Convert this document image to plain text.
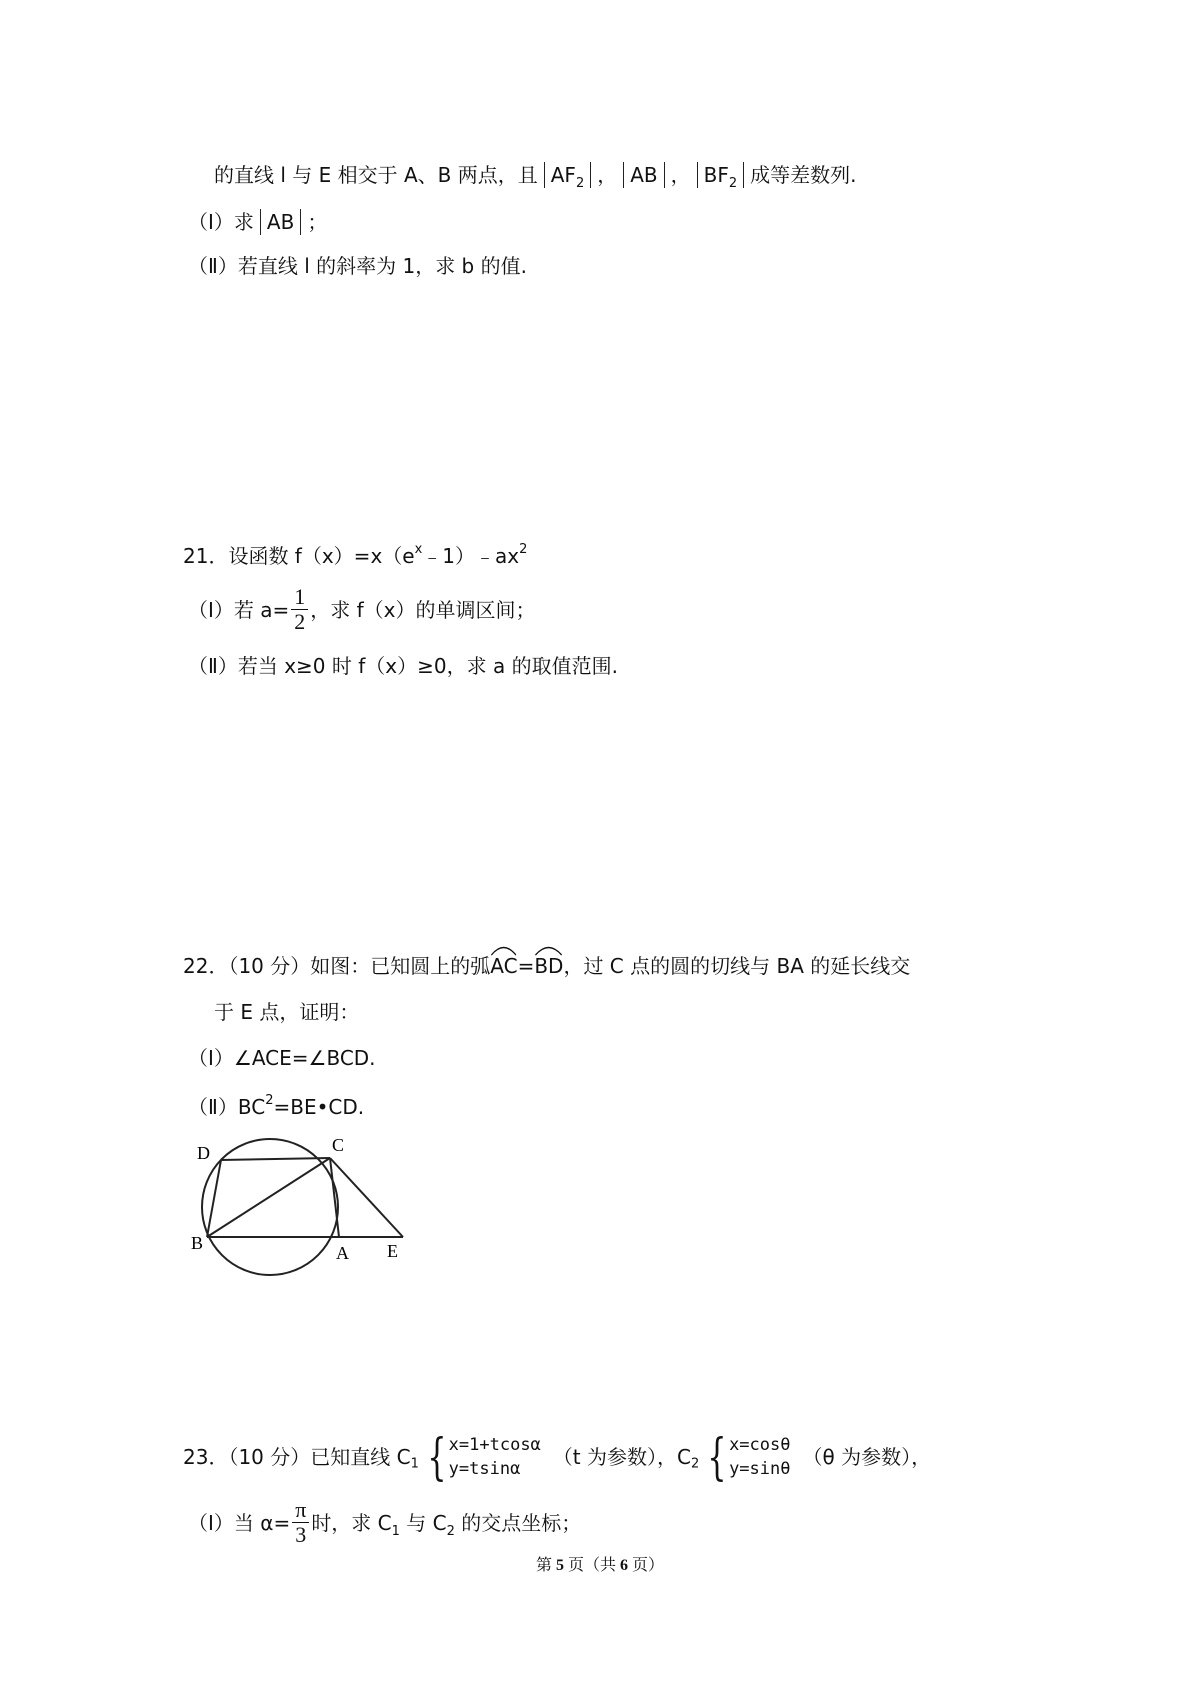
的直线 l 与 E 相交于 A、B 两点，且 $AF_2$ ， AB ， $BF_2$ 成等差数列.
（Ⅰ）求 AB ；
（Ⅱ）若直线 l 的斜率为 1，求 b 的值.
21．设函数 $f(x)=x(e^x﹣1)﹣ax^2$
（Ⅰ）若 $a= \frac{1}{2}$ ，求 f（x）的单调区间；
（Ⅱ）若当 x≥0 时 f（x）≥0，求 a 的取值范围.
22．（10 分）如图：已知圆上的弧
AC=
BD，过 C 点的圆的切线与 BA 的延长线交
于 E 点，证明：
（Ⅰ）∠ACE=∠BCD.
$(Ⅱ)BC^2=BE•CD$.
D	C
B	A E
23．（10 分）已知直线 $C_1$ { x=1+tcosα
y=tsinα	（t 为参数），$C_2$ { x=cosθ
y=sinθ （θ 为参数），
（Ⅰ）当 $\alpha= \frac{\pi}{3}$ 时，求 $C_1$ 与 $C_2$ 的交点坐标；
第 5 页（共 6 页）
